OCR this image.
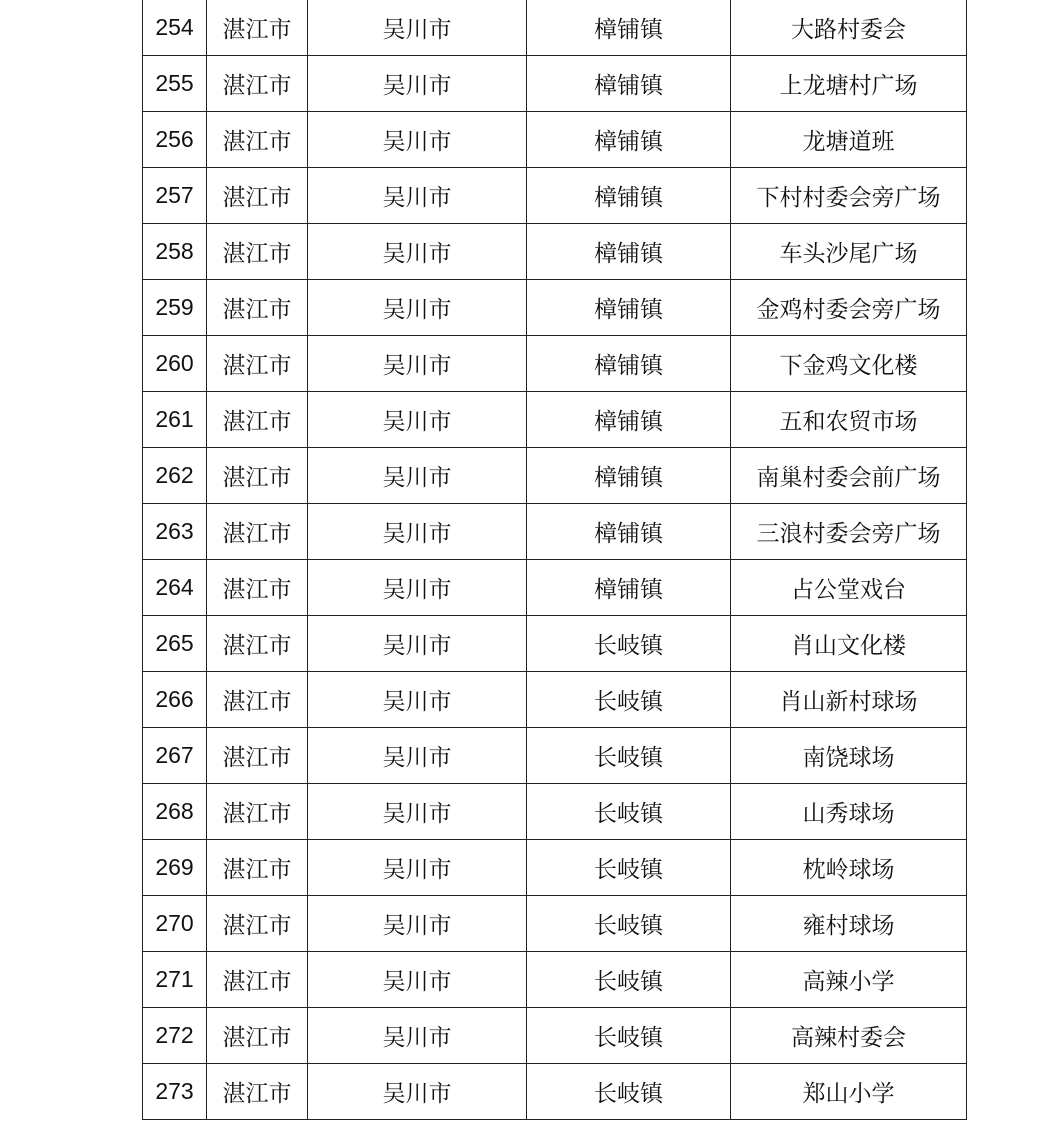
254	湛江市	吴川市	樟铺镇	大路村委会
255	湛江市	吴川市	樟铺镇	上龙塘村广场
256	湛江市	吴川市	樟铺镇	龙塘道班
257	湛江市	吴川市	樟铺镇	下村村委会旁广场
258	湛江市	吴川市	樟铺镇	车头沙尾广场
259	湛江市	吴川市	樟铺镇	金鸡村委会旁广场
260	湛江市	吴川市	樟铺镇	下金鸡文化楼
261	湛江市	吴川市	樟铺镇	五和农贸市场
262	湛江市	吴川市	樟铺镇	南巢村委会前广场
263	湛江市	吴川市	樟铺镇	三浪村委会旁广场
264	湛江市	吴川市	樟铺镇	占公堂戏台
265	湛江市	吴川市	长岐镇	肖山文化楼
266	湛江市	吴川市	长岐镇	肖山新村球场
267	湛江市	吴川市	长岐镇	南饶球场
268	湛江市	吴川市	长岐镇	山秀球场
269	湛江市	吴川市	长岐镇	枕岭球场
270	湛江市	吴川市	长岐镇	雍村球场
271	湛江市	吴川市	长岐镇	高辣小学
272	湛江市	吴川市	长岐镇	高辣村委会
273	湛江市	吴川市	长岐镇	郑山小学
